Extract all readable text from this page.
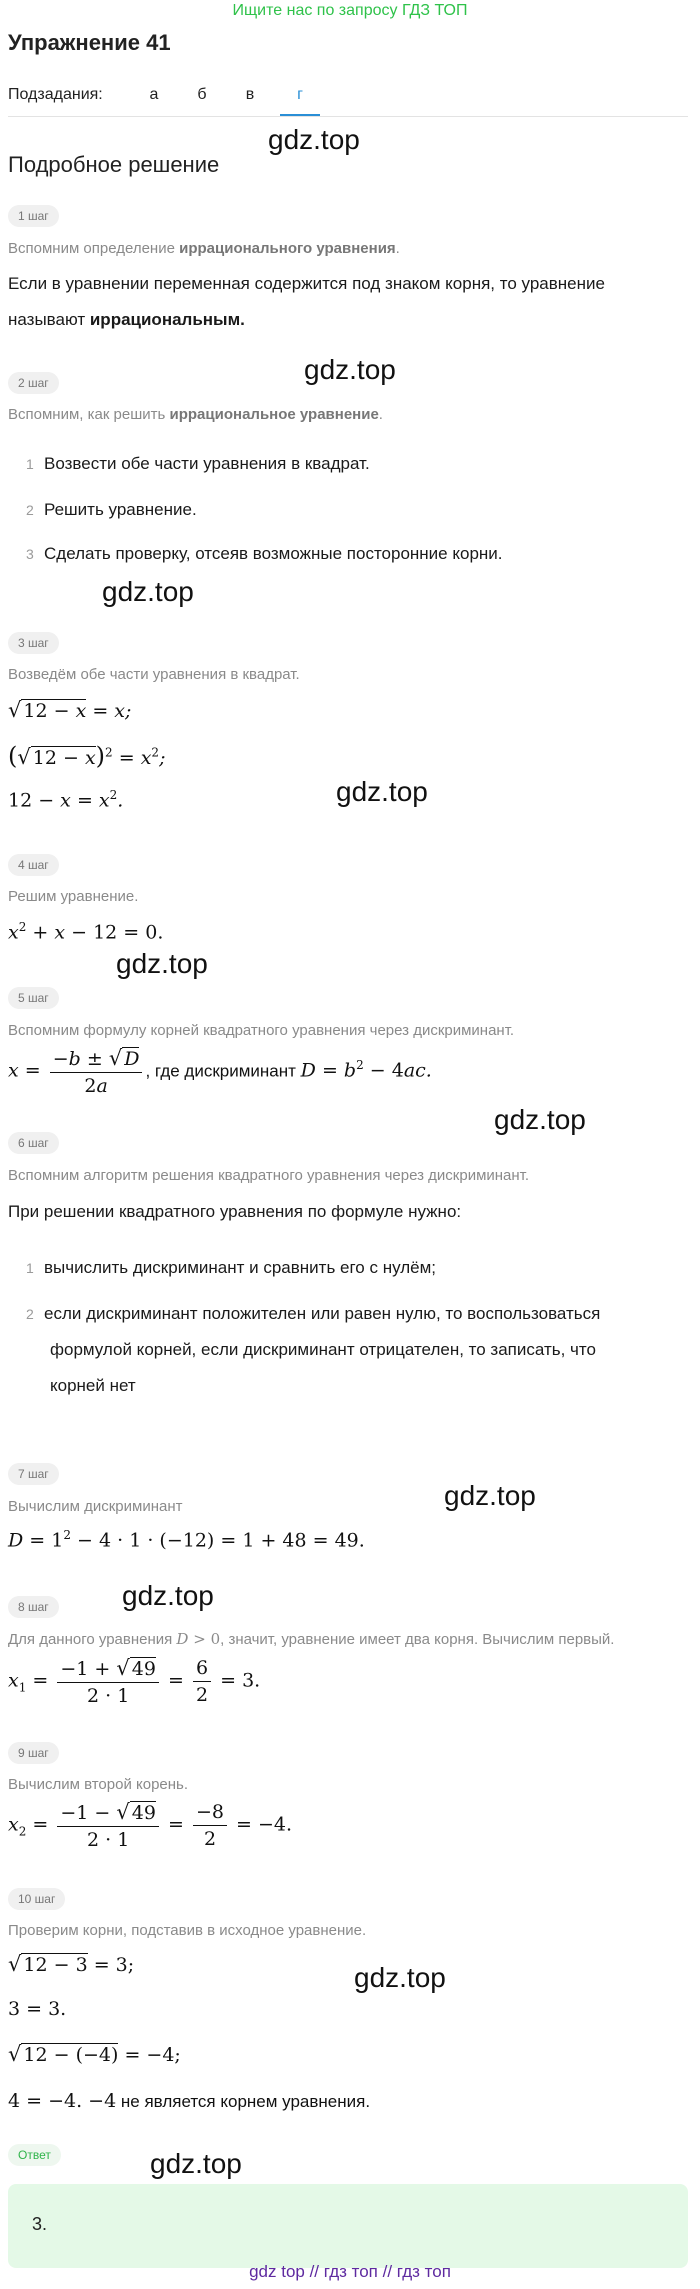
Ищите нас по запросу ГДЗ ТОП
Упражнение 41
Подзадания:	а	б	в	г
Подробное решение
gdz.top
gdz.top
gdz.top
gdz.top
gdz.top
gdz.top
gdz.top
gdz.top
gdz.top
gdz.top
1 шаг
Вспомним определение иррационального уравнения.
Если в уравнении переменная содержится под знаком корня, то уравнение
называют иррациональным.
2 шаг
Вспомним, как решить иррациональное уравнение.
1 Возвести обе части уравнения в квадрат.
2 Решить уравнение.
3 Сделать проверку, отсеяв возможные посторонние корни.
3 шаг
Возведём обе части уравнения в квадрат.
√ 12 − x = x;
(√ $12 - x)^2 = x^2$;
$12 - x = x^2$.
4 шаг
Решим уравнение.
$x^2 + x - 12 = 0$.
5 шаг
Вспомним формулу корней квадратного уравнения через дискриминант.
$x = \frac{-b \pm √ D}{2a}$ , где дискриминант $D = b^2 - 4ac$.
6 шаг
Вспомним алгоритм решения квадратного уравнения через дискриминант.
При решении квадратного уравнения по формуле нужно:
1 вычислить дискриминант и сравнить его с нулём;
2 если дискриминант положителен или равен нулю, то воспользоваться
формулой корней, если дискриминант отрицателен, то записать, что
корней нет
7 шаг
Вычислим дискриминант
$D = 1^2 - 4 \cdot 1 \cdot (-12) = 1 + 48 = 49$.
8 шаг
Для данного уравнения D > 0, значит, уравнение имеет два корня. Вычислим первый.
$x_1 = \frac{-1 + √ 49}{2 \cdot 1} = \frac{6}{2} = 3$.
9 шаг
Вычислим второй корень.
$x_2 = \frac{-1 - √ 49}{2 \cdot 1} = \frac{-8}{2} = -4$.
10 шаг
Проверим корни, подставив в исходное уравнение.
√ 12 − 3 = 3;
3 = 3.
√ 12 − (−4) = −4;
4 = −4. −4 не является корнем уравнения.
Ответ
3.
gdz top // гдз топ // гдз топ
